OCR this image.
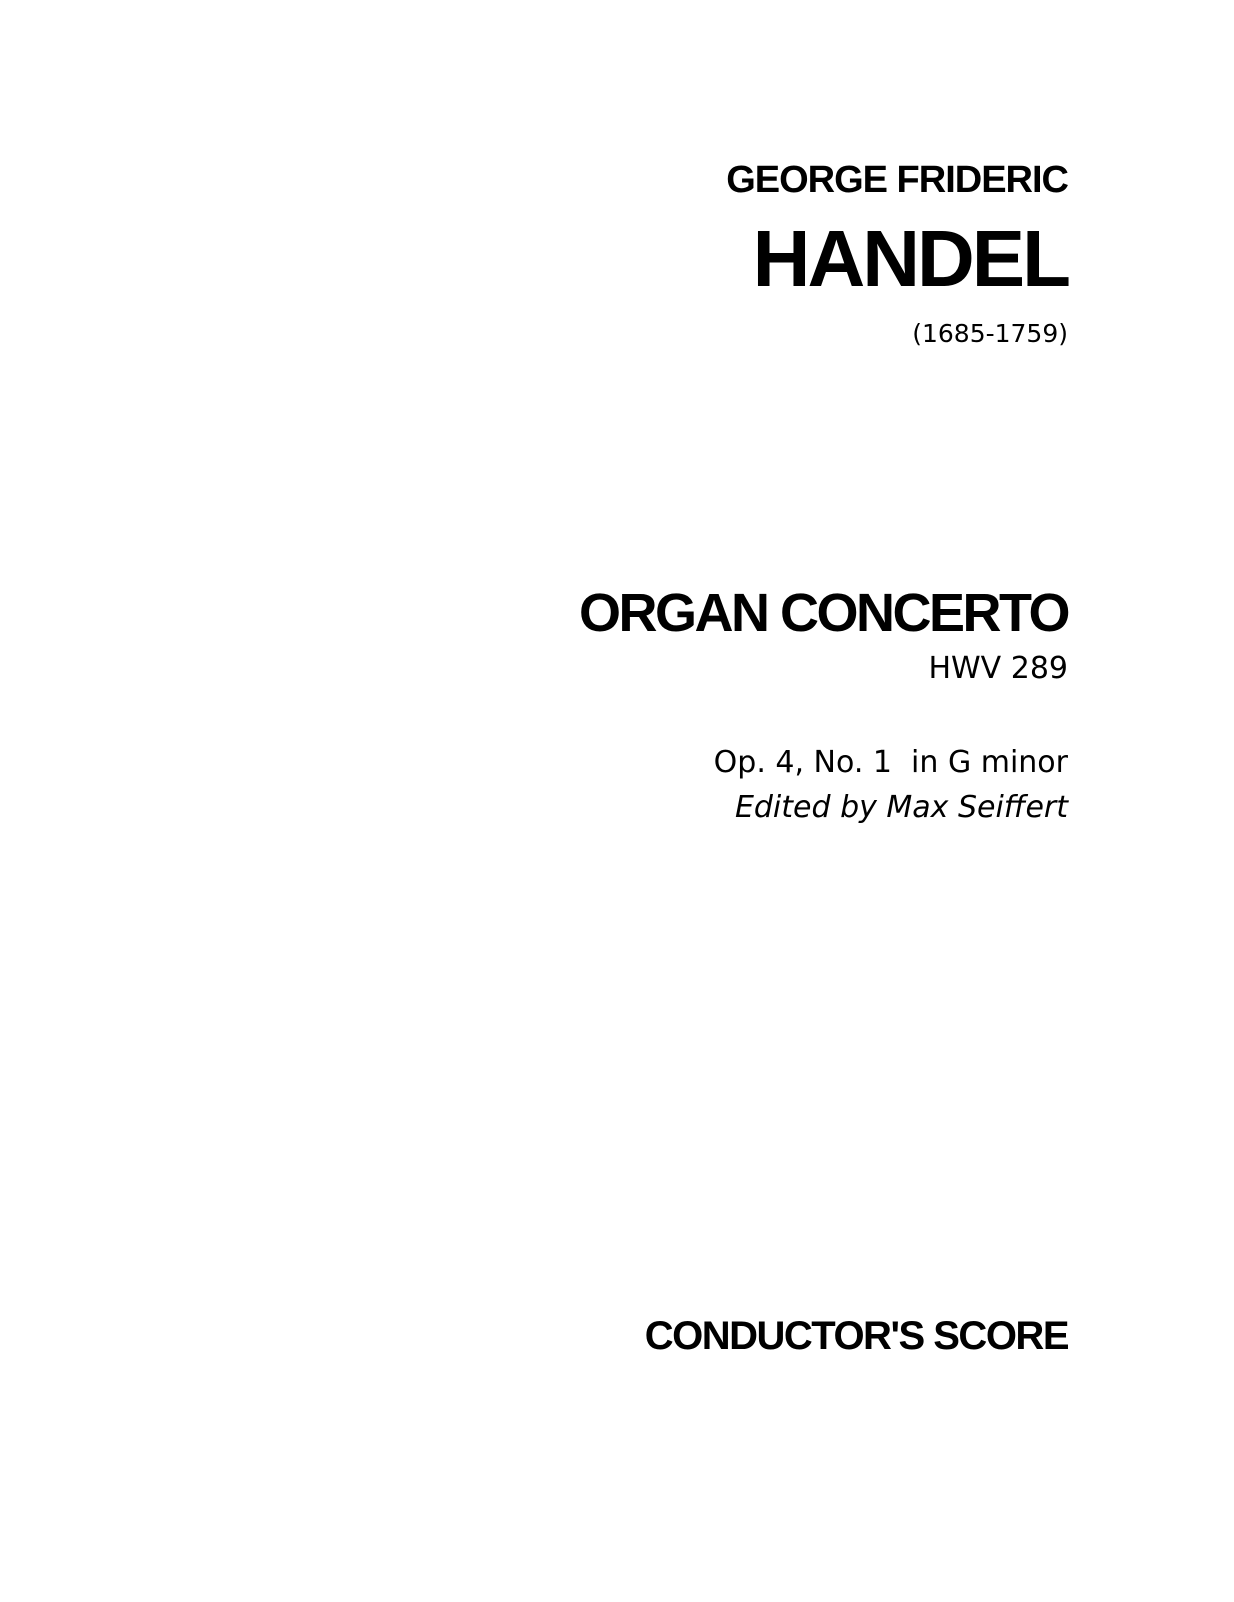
GEORGE FRIDERIC
HANDEL
(1685-1759)
ORGAN CONCERTO
HWV 289
Op. 4, No. 1  in G minor
Edited by Max Seiffert
CONDUCTOR'S SCORE
